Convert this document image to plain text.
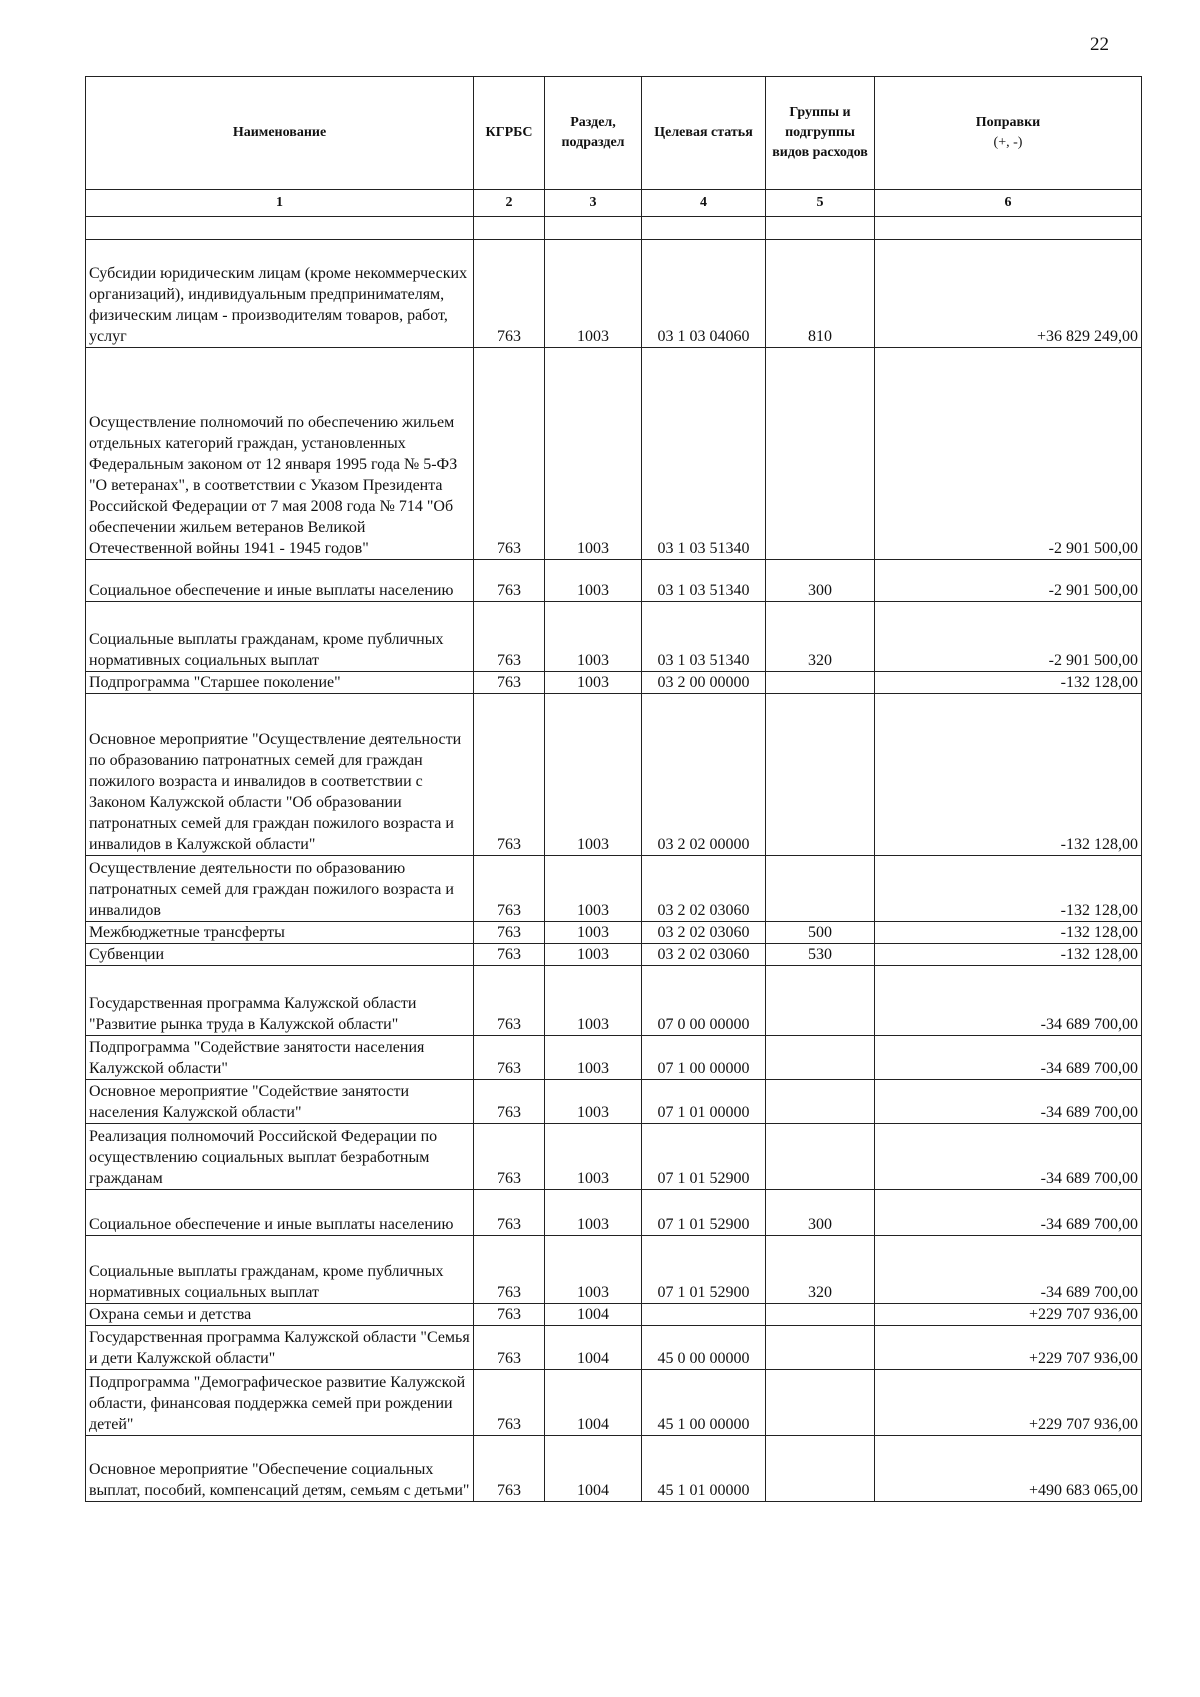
22
Наименование	КГРБС	Раздел, подраздел	Целевая статья	Группы и подгруппы видов расходов	Поправки
(+, -)

1	2	3	4	5	6

Субсидии юридическим лицам (кроме некоммерческих организаций), индивидуальным предпринимателям, физическим лицам - производителям товаров, работ, услуг	763	1003	03 1 03 04060	810	+36 829 249,00
Осуществление полномочий по обеспечению жильем отдельных категорий граждан, установленных Федеральным законом от 12 января 1995 года № 5-ФЗ "О ветеранах", в соответствии с Указом Президента Российской Федерации от 7 мая 2008 года № 714 "Об обеспечении жильем ветеранов Великой Отечественной войны 1941 - 1945 годов"	763	1003	03 1 03 51340		-2 901 500,00
Социальное обеспечение и иные выплаты населению	763	1003	03 1 03 51340	300	-2 901 500,00
Социальные выплаты гражданам, кроме публичных нормативных социальных выплат	763	1003	03 1 03 51340	320	-2 901 500,00
Подпрограмма "Старшее поколение"	763	1003	03 2 00 00000		-132 128,00
Основное мероприятие "Осуществление деятельности по образованию патронатных семей для граждан пожилого возраста и инвалидов в соответствии с Законом Калужской области "Об образовании патронатных семей для граждан пожилого возраста и инвалидов в Калужской области"	763	1003	03 2 02 00000		-132 128,00
Осуществление деятельности по образованию патронатных семей для граждан пожилого возраста и инвалидов	763	1003	03 2 02 03060		-132 128,00
Межбюджетные трансферты	763	1003	03 2 02 03060	500	-132 128,00
Субвенции	763	1003	03 2 02 03060	530	-132 128,00
Государственная программа Калужской области "Развитие рынка труда в Калужской области"	763	1003	07 0 00 00000		-34 689 700,00
Подпрограмма "Содействие занятости населения Калужской области"	763	1003	07 1 00 00000		-34 689 700,00
Основное мероприятие "Содействие занятости населения Калужской области"	763	1003	07 1 01 00000		-34 689 700,00
Реализация полномочий Российской Федерации по осуществлению социальных выплат безработным гражданам	763	1003	07 1 01 52900		-34 689 700,00
Социальное обеспечение и иные выплаты населению	763	1003	07 1 01 52900	300	-34 689 700,00
Социальные выплаты гражданам, кроме публичных нормативных социальных выплат	763	1003	07 1 01 52900	320	-34 689 700,00
Охрана семьи и детства	763	1004			+229 707 936,00
Государственная программа Калужской области "Семья и дети Калужской области"	763	1004	45 0 00 00000		+229 707 936,00
Подпрограмма "Демографическое развитие Калужской области, финансовая поддержка семей при рождении детей"	763	1004	45 1 00 00000		+229 707 936,00
Основное мероприятие "Обеспечение социальных выплат, пособий, компенсаций детям, семьям с детьми"	763	1004	45 1 01 00000		+490 683 065,00
